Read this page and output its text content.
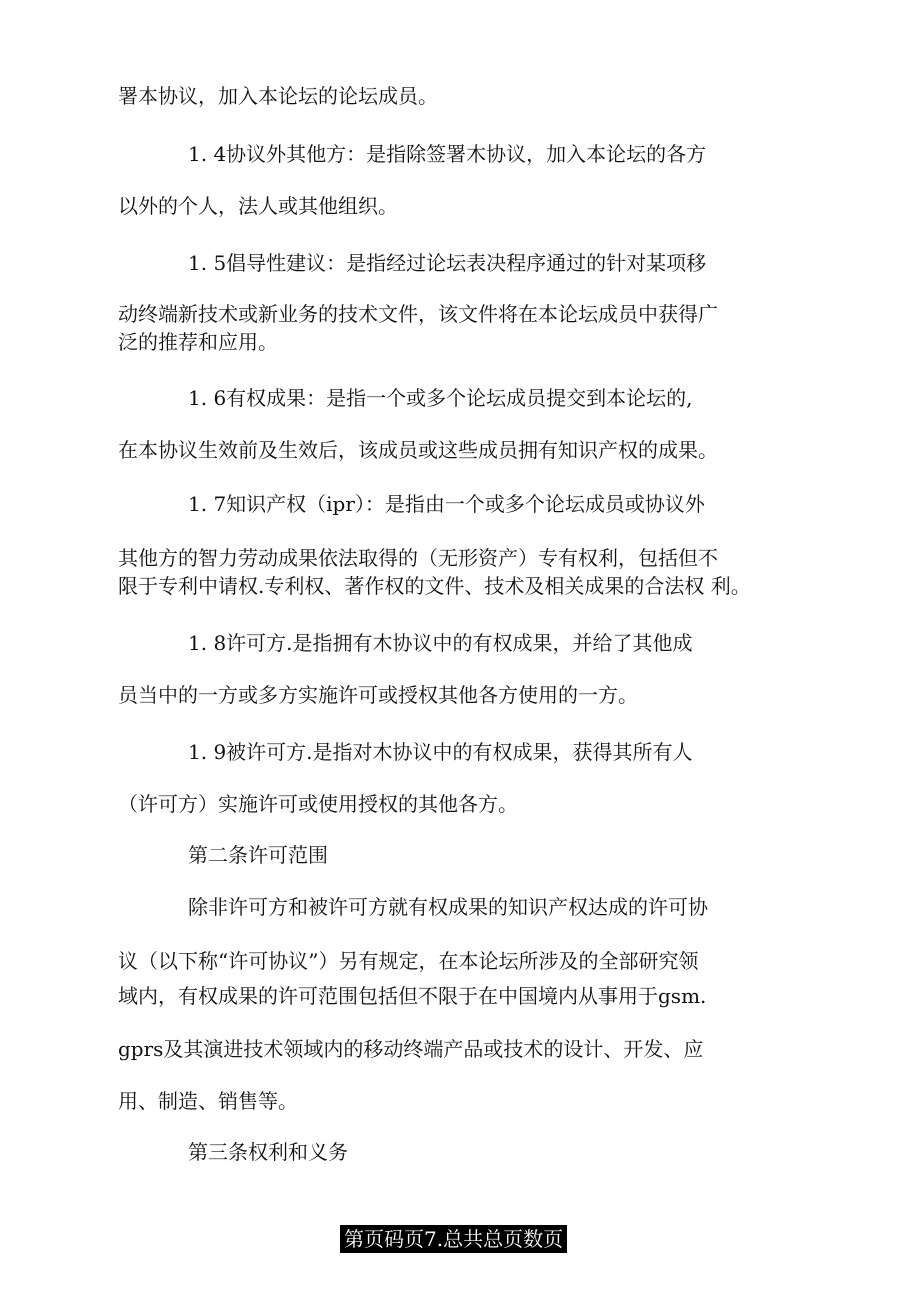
署本协议，加入本论坛的论坛成员。

1. 4协议外其他方：是指除签署木协议，加入本论坛的各方

以外的个人，法人或其他组织。

1. 5倡导性建议：是指经过论坛表决程序通过的针对某项移

动终端新技术或新业务的技术文件，该文件将在本论坛成员中获得广

泛的推荐和应用。

1. 6有权成果：是指一个或多个论坛成员提交到本论坛的,

在本协议生效前及生效后，该成员或这些成员拥有知识产权的成果。

1. 7知识产权（ipr）：是指由一个或多个论坛成员或协议外

其他方的智力劳动成果依法取得的（无形资产）专有权利，包括但不

限于专利中请权.专利权、著作权的文件、技术及相关成果的合法权 利。

1. 8许可方.是指拥有木协议中的有权成果，并给了其他成

员当中的一方或多方实施许可或授权其他各方使用的一方。

1. 9被许可方.是指对木协议中的有权成果，获得其所有人

（许可方）实施许可或使用授权的其他各方。

第二条许可范围

除非许可方和被许可方就有权成果的知识产权达成的许可协

议（以下称“许可协议”）另有规定，在本论坛所涉及的全部研究领

域内，有权成果的许可范围包括但不限于在中国境内从事用于gsm.

gprs及其演进技术领域内的移动终端产品或技术的设计、开发、应

用、制造、销售等。

第三条权利和义务

第页码页7.总共总页数页
